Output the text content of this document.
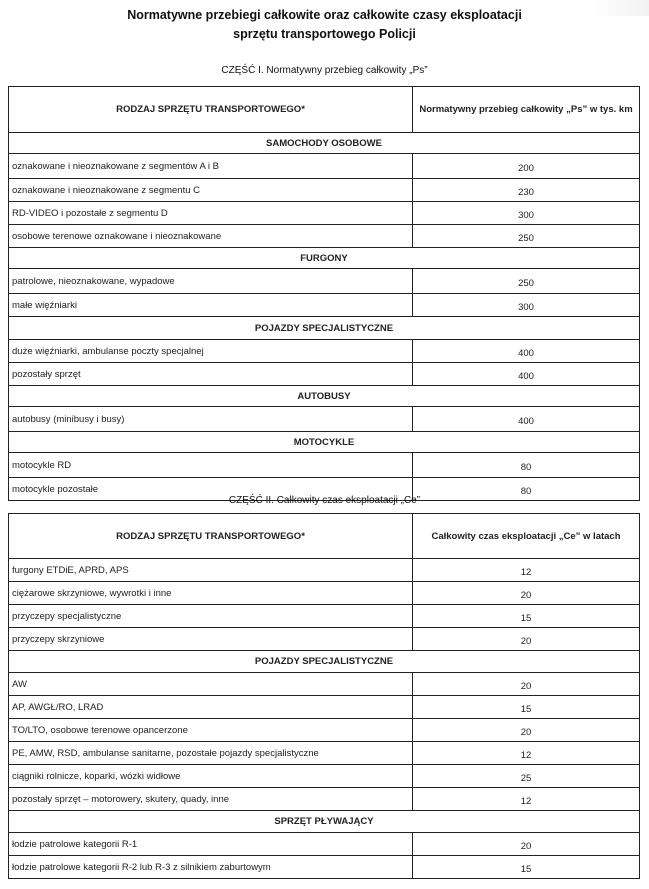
Normatywne przebiegi całkowite oraz całkowite czasy eksploatacji
sprzętu transportowego Policji
CZĘŚĆ I. Normatywny przebieg całkowity „Ps”
RODZAJ SPRZĘTU TRANSPORTOWEGO*	Normatywny przebieg całkowity „Ps” w tys. km
SAMOCHODY OSOBOWE	
oznakowane i nieoznakowane z segmentów A i B	200
oznakowane i nieoznakowane z segmentu C	230
RD-VIDEO i pozostałe z segmentu D	300
osobowe terenowe oznakowane i nieoznakowane	250
FURGONY	
patrolowe, nieoznakowane, wypadowe	250
małe więźniarki	300
POJAZDY SPECJALISTYCZNE	
duże więźniarki, ambulanse poczty specjalnej	400
pozostały sprzęt	400
AUTOBUSY	
autobusy (minibusy i busy)	400
MOTOCYKLE	
motocykle RD	80
motocykle pozostałe	80
CZĘŚĆ II. Całkowity czas eksploatacji „Ce”
RODZAJ SPRZĘTU TRANSPORTOWEGO*	Całkowity czas eksploatacji „Ce” w latach
furgony ETDiE, APRD, APS	12
ciężarowe skrzyniowe, wywrotki i inne	20
przyczepy specjalistyczne	15
przyczepy skrzyniowe	20
POJAZDY SPECJALISTYCZNE	
AW	20
AP, AWGŁ/RO, LRAD	15
TO/LTO, osobowe terenowe opancerzone	20
PE, AMW, RSD, ambulanse sanitarne, pozostałe pojazdy specjalistyczne	12
ciągniki rolnicze, koparki, wózki widłowe	25
pozostały sprzęt – motorowery, skutery, quady, inne	12
SPRZĘT PŁYWAJĄCY	
łodzie patrolowe kategorii R-1	20
łodzie patrolowe kategorii R-2 lub R-3 z silnikiem zaburtowym	15
